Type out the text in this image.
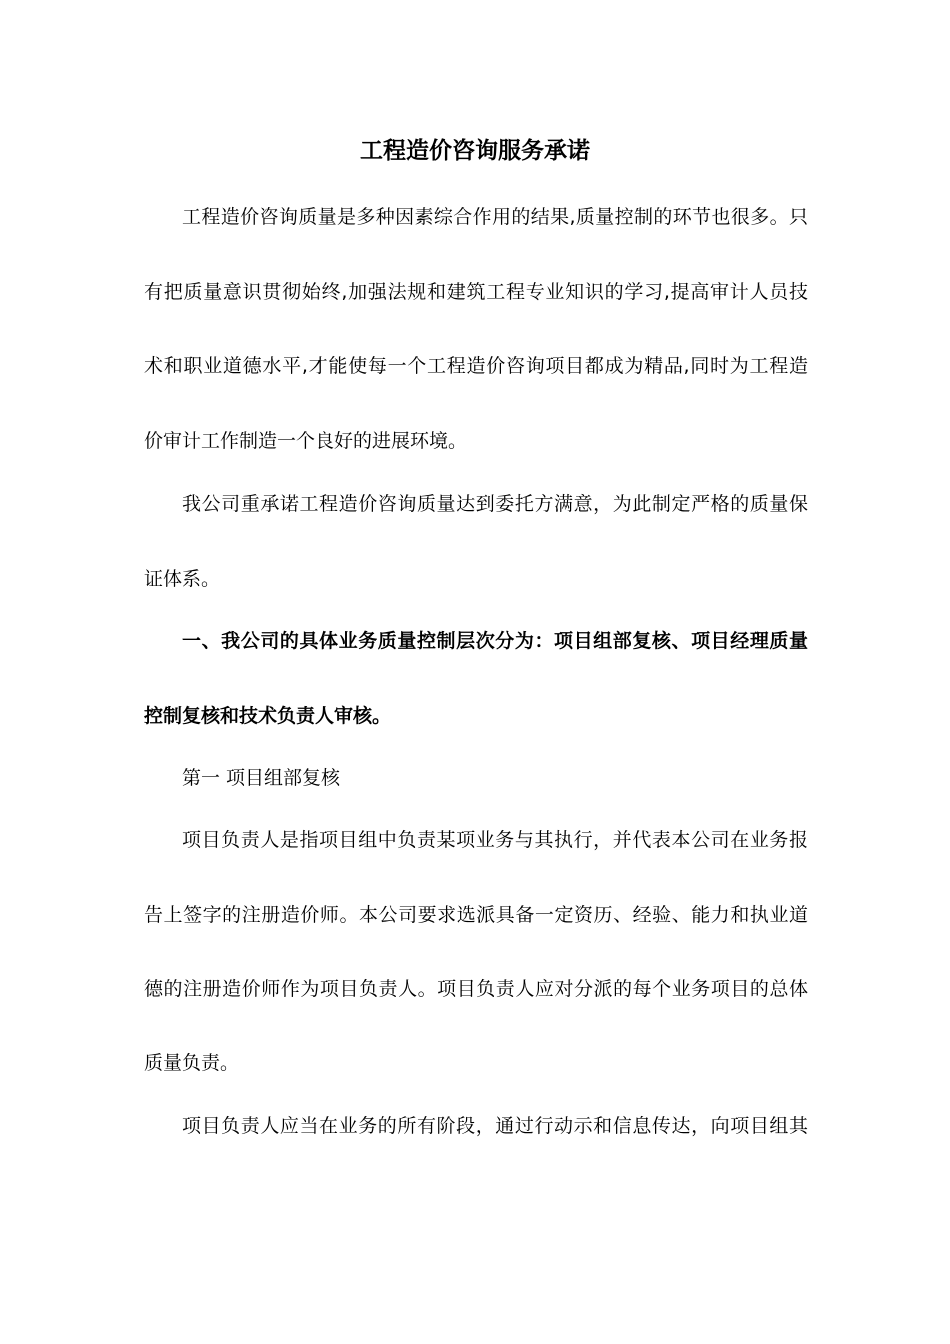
工程造价咨询服务承诺
工程造价咨询质量是多种因素综合作用的结果,质量控制的环节也很多。只
有把质量意识贯彻始终,加强法规和建筑工程专业知识的学习,提高审计人员技
术和职业道德水平,才能使每一个工程造价咨询项目都成为精品,同时为工程造
价审计工作制造一个良好的进展环境。
我公司重承诺工程造价咨询质量达到委托方满意，为此制定严格的质量保
证体系。
一、我公司的具体业务质量控制层次分为：项目组部复核、项目经理质量
控制复核和技术负责人审核。
第一 项目组部复核
项目负责人是指项目组中负责某项业务与其执行，并代表本公司在业务报
告上签字的注册造价师。本公司要求选派具备一定资历、经验、能力和执业道
德的注册造价师作为项目负责人。项目负责人应对分派的每个业务项目的总体
质量负责。
项目负责人应当在业务的所有阶段，通过行动示和信息传达，向项目组其
